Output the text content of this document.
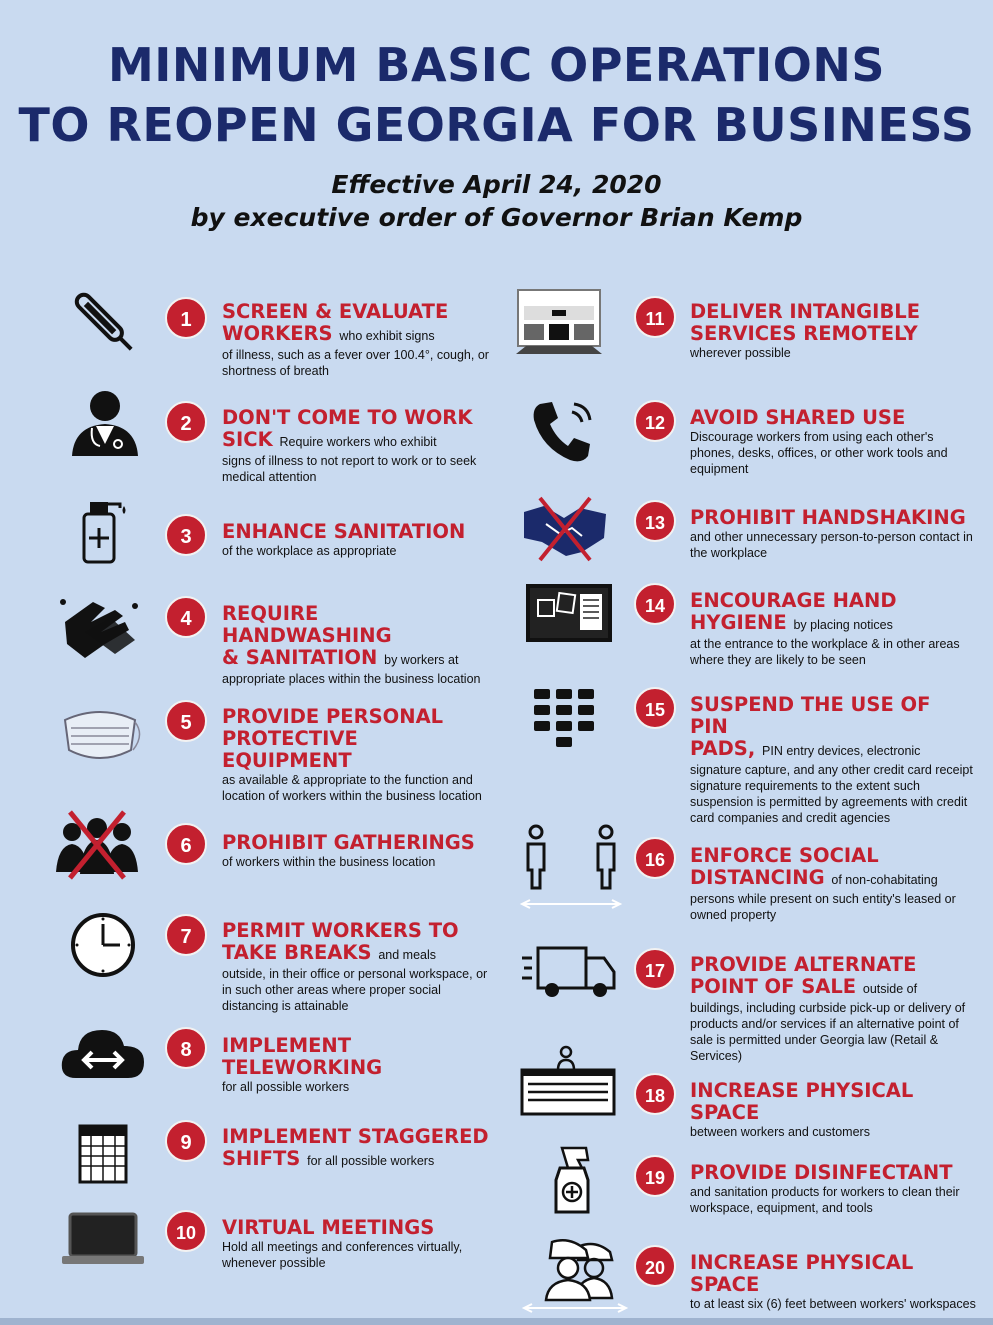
MINIMUM BASIC OPERATIONS
TO REOPEN GEORGIA FOR BUSINESS

Effective April 24, 2020

by executive order of Governor Brian Kemp

1	SCREEN & EVALUATE
WORKERS who exhibit signs
of illness, such as a fever over 100.4°, cough, or shortness of breath
2	DON'T COME TO WORK
SICK Require workers who exhibit
signs of illness to not report to work or to seek medical attention
3	ENHANCE SANITATION
of the workplace as appropriate
4	REQUIRE HANDWASHING
& SANITATION by workers at
appropriate places within the business location
5	PROVIDE PERSONAL
PROTECTIVE EQUIPMENT
as available & appropriate to the function and location of workers within the business location
6	PROHIBIT GATHERINGS
of workers within the business location
7	PERMIT WORKERS TO
TAKE BREAKS and meals
outside, in their office or personal workspace, or in such other areas where proper social distancing is attainable
8	IMPLEMENT TELEWORKING
for all possible workers
9	IMPLEMENT STAGGERED
SHIFTS for all possible workers
10	VIRTUAL MEETINGS
Hold all meetings and conferences virtually, whenever possible
11	DELIVER INTANGIBLE
SERVICES REMOTELY
wherever possible
12	AVOID SHARED USE
Discourage workers from using each other's phones, desks, offices, or other work tools and equipment
13	PROHIBIT HANDSHAKING
and other unnecessary person-to-person contact in the workplace
14	ENCOURAGE HAND
HYGIENE by placing notices
at the entrance to the workplace & in other areas where they are likely to be seen
15	SUSPEND THE USE OF PIN
PADS, PIN entry devices, electronic
signature capture, and any other credit card receipt signature requirements to the extent such suspension is permitted by agreements with credit card companies and credit agencies
16	ENFORCE SOCIAL
DISTANCING of non-cohabitating
persons while present on such entity's leased or owned property
17	PROVIDE ALTERNATE
POINT OF SALE outside of
buildings, including curbside pick-up or delivery of products and/or services if an alternative point of sale is permitted under Georgia law (Retail & Services)
18	INCREASE PHYSICAL SPACE
between workers and customers
19	PROVIDE DISINFECTANT
and sanitation products for workers to clean their workspace, equipment, and tools
20	INCREASE PHYSICAL SPACE
to at least six (6) feet between workers' workspaces
